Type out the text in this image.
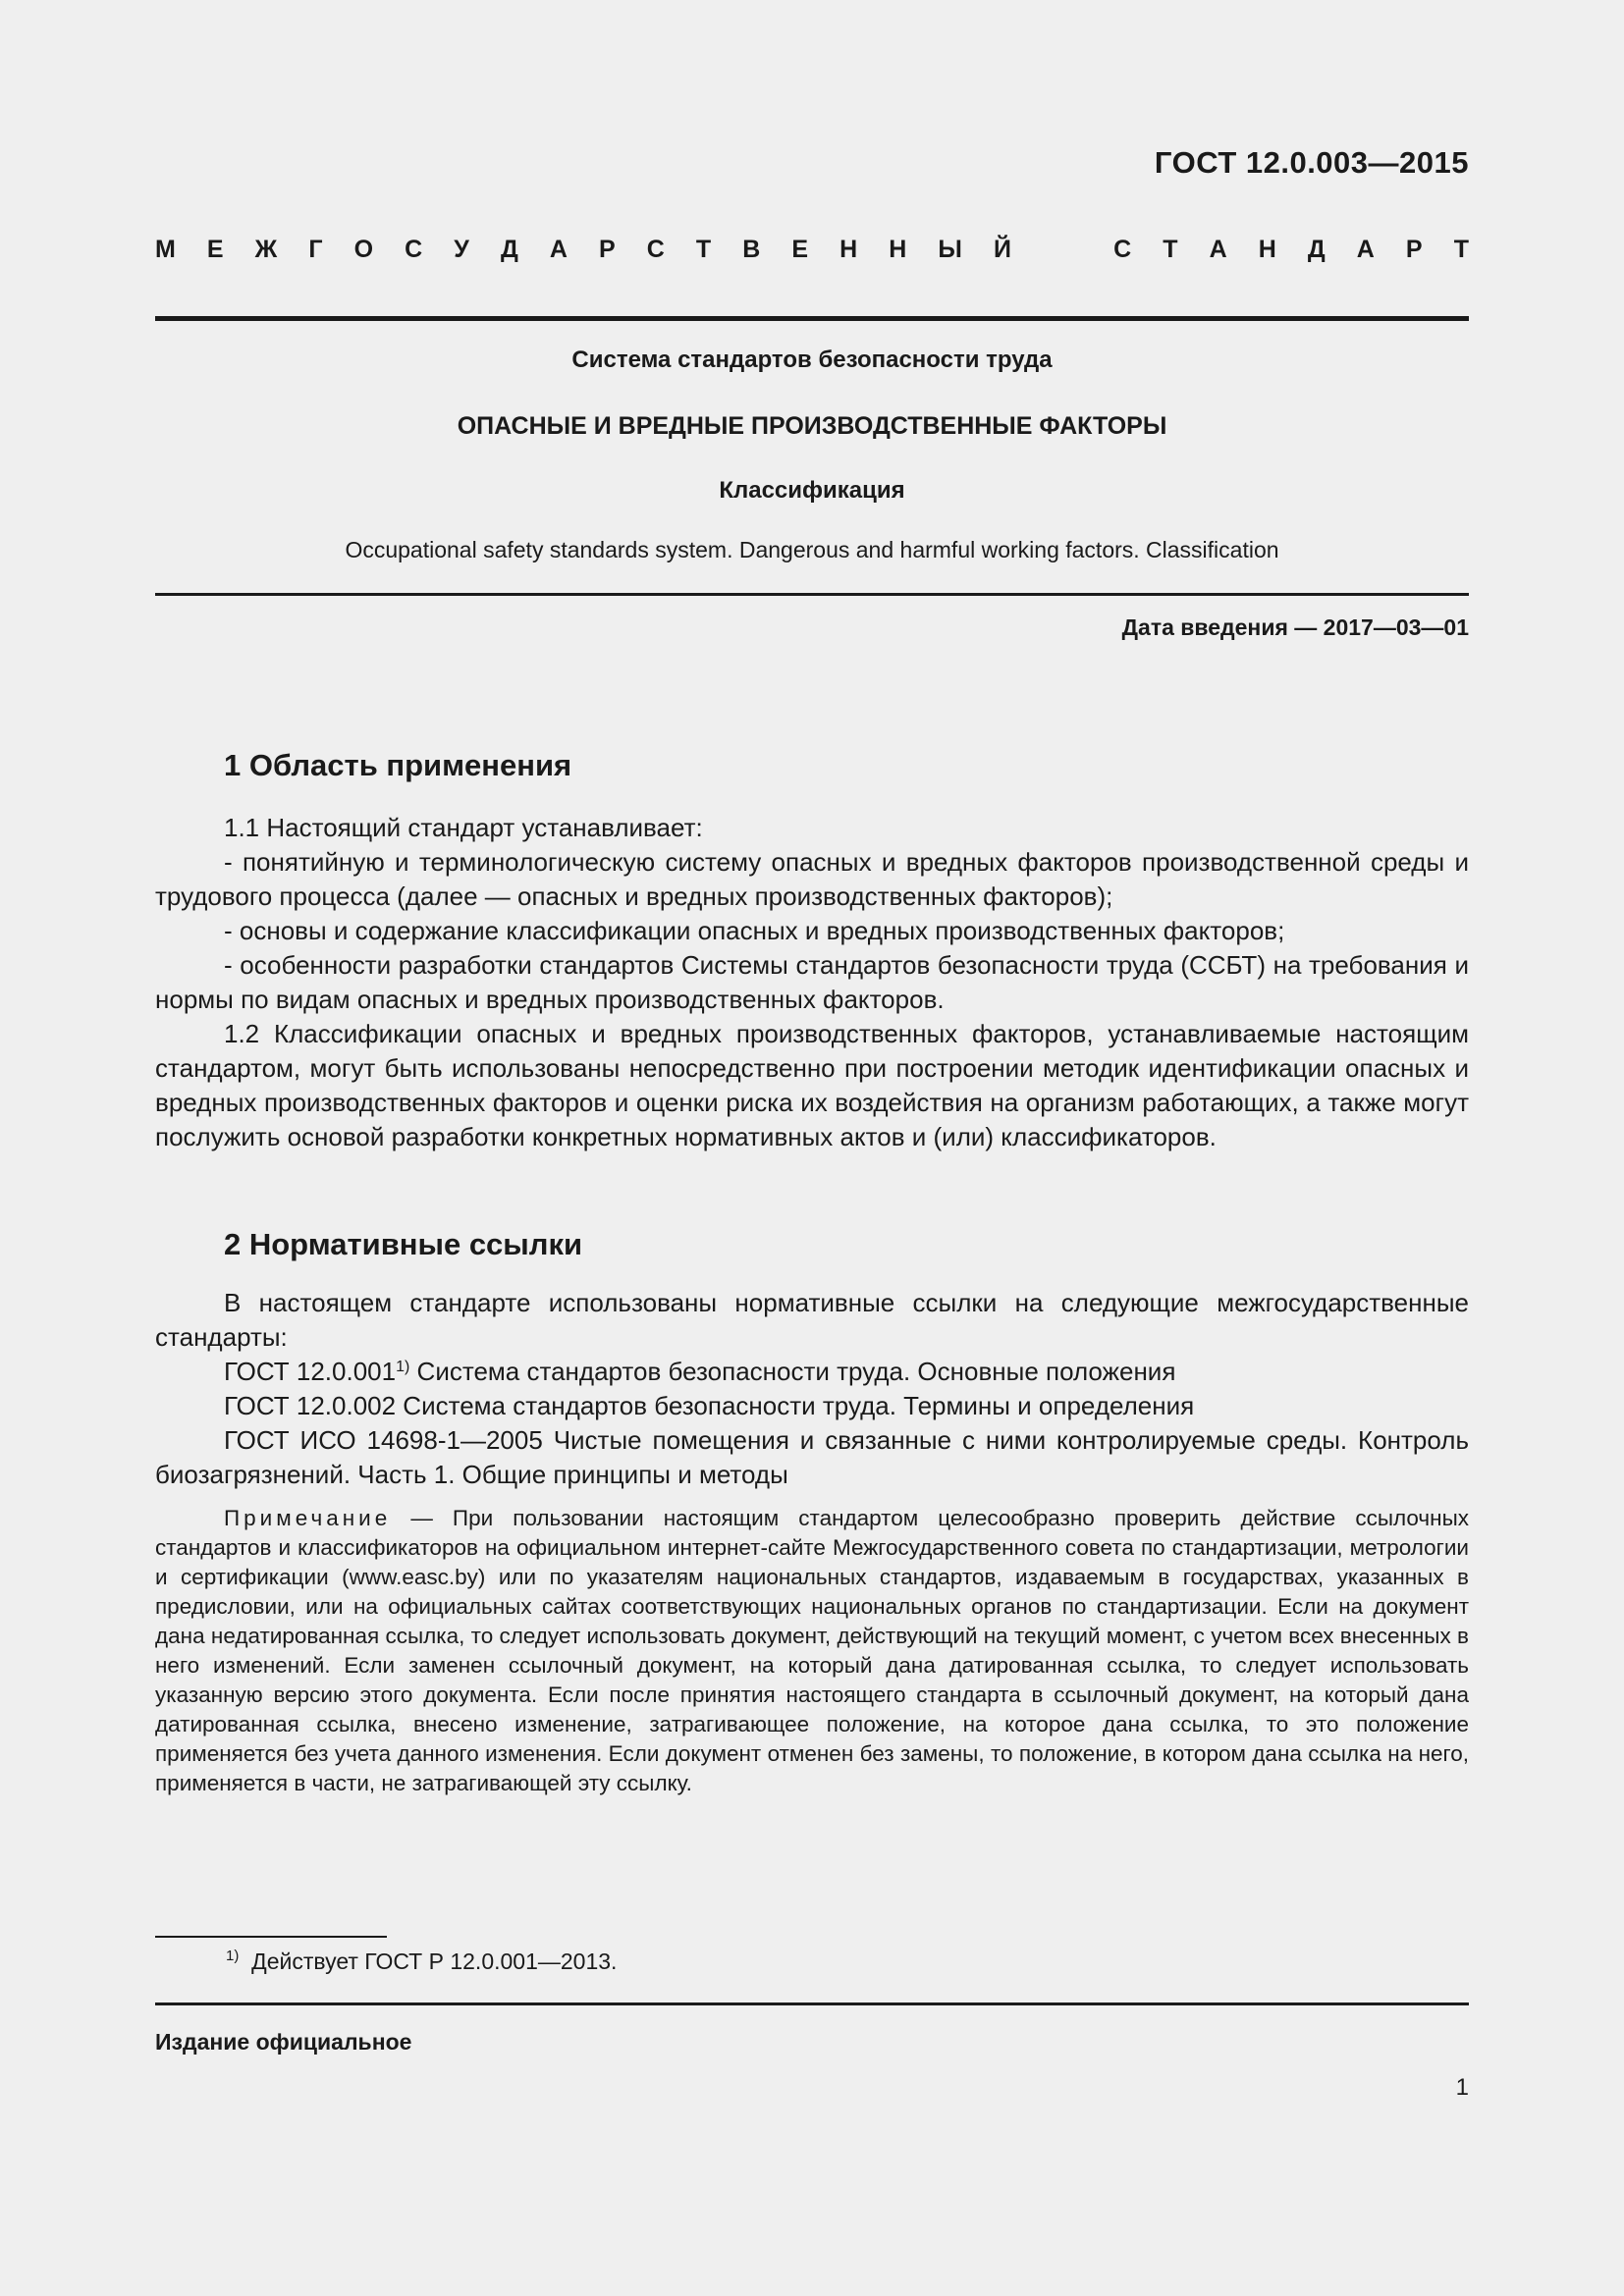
ГОСТ 12.0.003—2015
М Е Ж Г О С У Д А Р С Т В Е Н Н Ы Й	С Т А Н Д А Р Т
Система стандартов безопасности труда
ОПАСНЫЕ И ВРЕДНЫЕ ПРОИЗВОДСТВЕННЫЕ ФАКТОРЫ
Классификация
Occupational safety standards system. Dangerous and harmful working factors. Classification
Дата введения — 2017—03—01
1 Область применения

1.1 Настоящий стандарт устанавливает:

- понятийную и терминологическую систему опасных и вредных факторов производственной среды и трудового процесса (далее — опасных и вредных производственных факторов);

- основы и содержание классификации опасных и вредных производственных факторов;

- особенности разработки стандартов Системы стандартов безопасности труда (ССБТ) на требования и нормы по видам опасных и вредных производственных факторов.

1.2 Классификации опасных и вредных производственных факторов, устанавливаемые настоящим стандартом, могут быть использованы непосредственно при построении методик идентификации опасных и вредных производственных факторов и оценки риска их воздействия на организм работающих, а также могут послужить основой разработки конкретных нормативных актов и (или) классификаторов.

2 Нормативные ссылки

В настоящем стандарте использованы нормативные ссылки на следующие межгосударственные стандарты:

ГОСТ 12.0.001$^{1)}$ Система стандартов безопасности труда. Основные положения

ГОСТ 12.0.002 Система стандартов безопасности труда. Термины и определения

ГОСТ ИСО 14698-1—2005 Чистые помещения и связанные с ними контролируемые среды. Контроль биозагрязнений. Часть 1. Общие принципы и методы

Примечание — При пользовании настоящим стандартом целесообразно проверить действие ссылочных стандартов и классификаторов на официальном интернет-сайте Межгосударственного совета по стандартизации, метрологии и сертификации (www.easc.by) или по указателям национальных стандартов, издаваемым в государствах, указанных в предисловии, или на официальных сайтах соответствующих национальных органов по стандартизации. Если на документ дана недатированная ссылка, то следует использовать документ, действующий на текущий момент, с учетом всех внесенных в него изменений. Если заменен ссылочный документ, на который дана датированная ссылка, то следует использовать указанную версию этого документа. Если после принятия настоящего стандарта в ссылочный документ, на который дана датированная ссылка, внесено изменение, затрагивающее положение, на которое дана ссылка, то это положение применяется без учета данного изменения. Если документ отменен без замены, то положение, в котором дана ссылка на него, применяется в части, не затрагивающей эту ссылку.

$^{1)}$ Действует ГОСТ Р 12.0.001—2013.
Издание официальное
1
